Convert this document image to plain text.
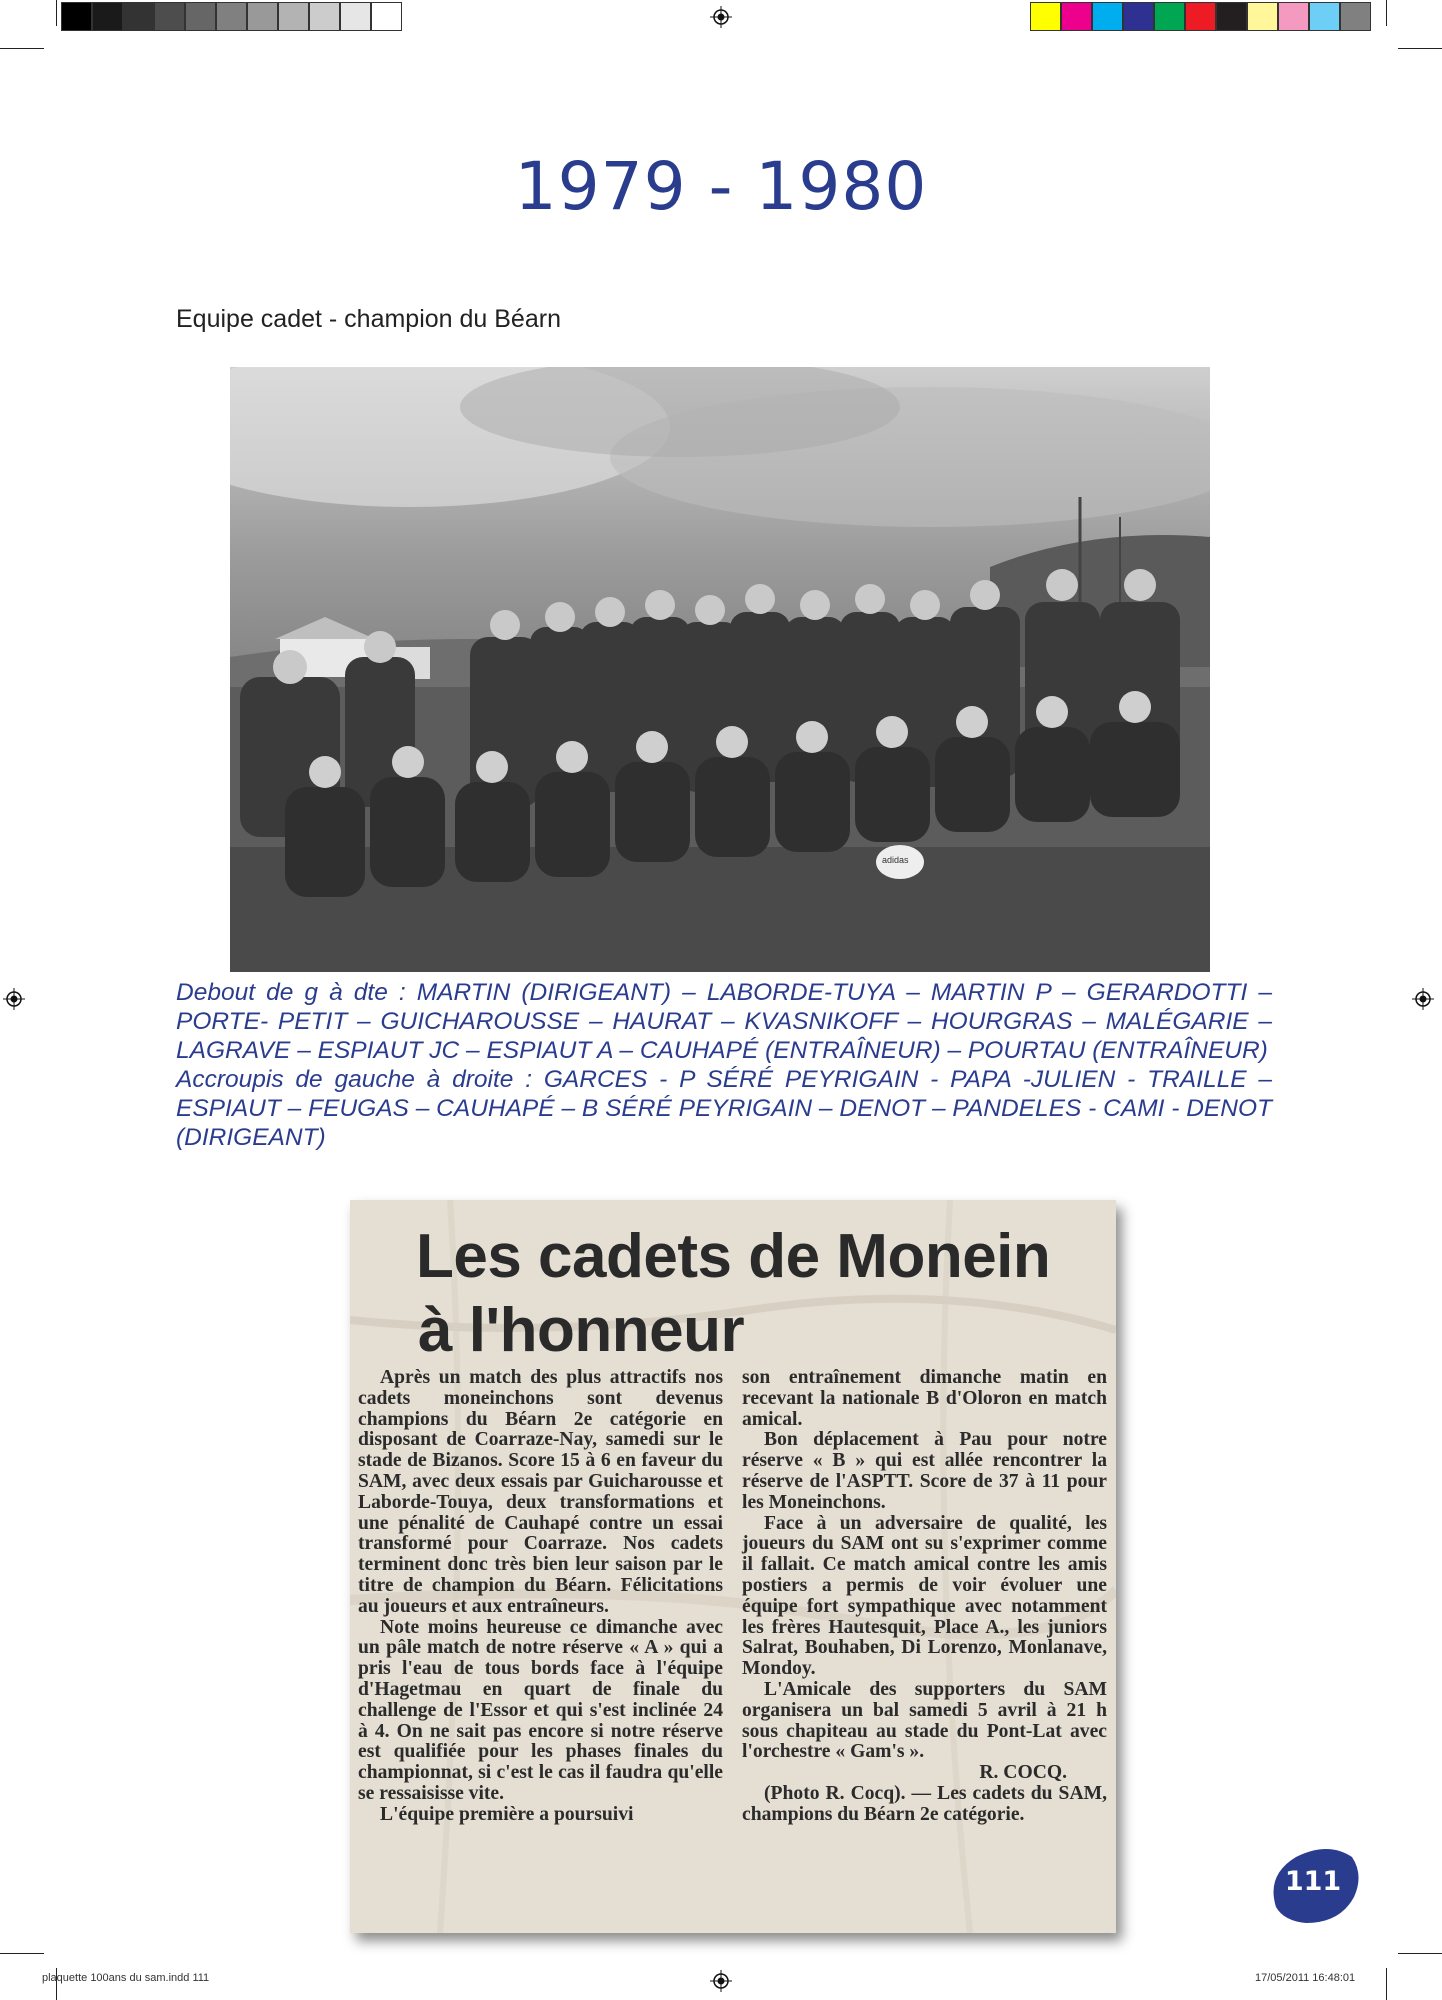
1979 - 1980
Equipe cadet - champion du Béarn
adidas

Debout de g à dte : MARTIN (DIRIGEANT) – LABORDE-TUYA – MARTIN P – GERARDOTTI – PORTE- PETIT – GUICHAROUSSE – HAURAT – KVASNIKOFF – HOURGRAS – MALÉGARIE – LAGRAVE – ESPIAUT JC – ESPIAUT A – CAUHAPÉ (ENTRAÎNEUR) – POURTAU (ENTRAÎNEUR)

Accroupis de gauche à droite : GARCES - P SÉRÉ PEYRIGAIN - PAPA -JULIEN - TRAILLE – ESPIAUT – FEUGAS – CAUHAPÉ – B SÉRÉ PEYRIGAIN – DENOT – PANDELES - CAMI - DENOT (DIRIGEANT)

Les cadets de Monein
à l'honneur

Après un match des plus attractifs nos cadets moneinchons sont devenus champions du Béarn 2e catégorie en disposant de Coarraze-Nay, samedi sur le stade de Bizanos. Score 15 à 6 en faveur du SAM, avec deux essais par Guicharousse et Laborde-Touya, deux transformations et une pénalité de Cauhapé contre un essai transformé pour Coarraze. Nos cadets terminent donc très bien leur saison par le titre de champion du Béarn. Félicitations au joueurs et aux entraîneurs.

Note moins heureuse ce dimanche avec un pâle match de notre réserve « A » qui a pris l'eau de tous bords face à l'équipe d'Hagetmau en quart de finale du challenge de l'Essor et qui s'est inclinée 24 à 4. On ne sait pas encore si notre réserve est qualifiée pour les phases finales du championnat, si c'est le cas il faudra qu'elle se ressaisisse vite.

L'équipe première a poursuivi

son entraînement dimanche matin en recevant la nationale B d'Oloron en match amical.

Bon déplacement à Pau pour notre réserve « B » qui est allée rencontrer la réserve de l'ASPTT. Score de 37 à 11 pour les Moneinchons.

Face à un adversaire de qualité, les joueurs du SAM ont su s'exprimer comme il fallait. Ce match amical contre les amis postiers a permis de voir évoluer une équipe fort sympathique avec notamment les frères Hautesquit, Place A., les juniors Salrat, Bouhaben, Di Lorenzo, Monlanave, Mondoy.

L'Amicale des supporters du SAM organisera un bal samedi 5 avril à 21 h sous chapiteau au stade du Pont-Lat avec l'orchestre « Gam's ».

R. COCQ.

(Photo R. Cocq). — Les cadets du SAM, champions du Béarn 2e catégorie.

111
plaquette 100ans du sam.indd 111	17/05/2011 16:48:01
